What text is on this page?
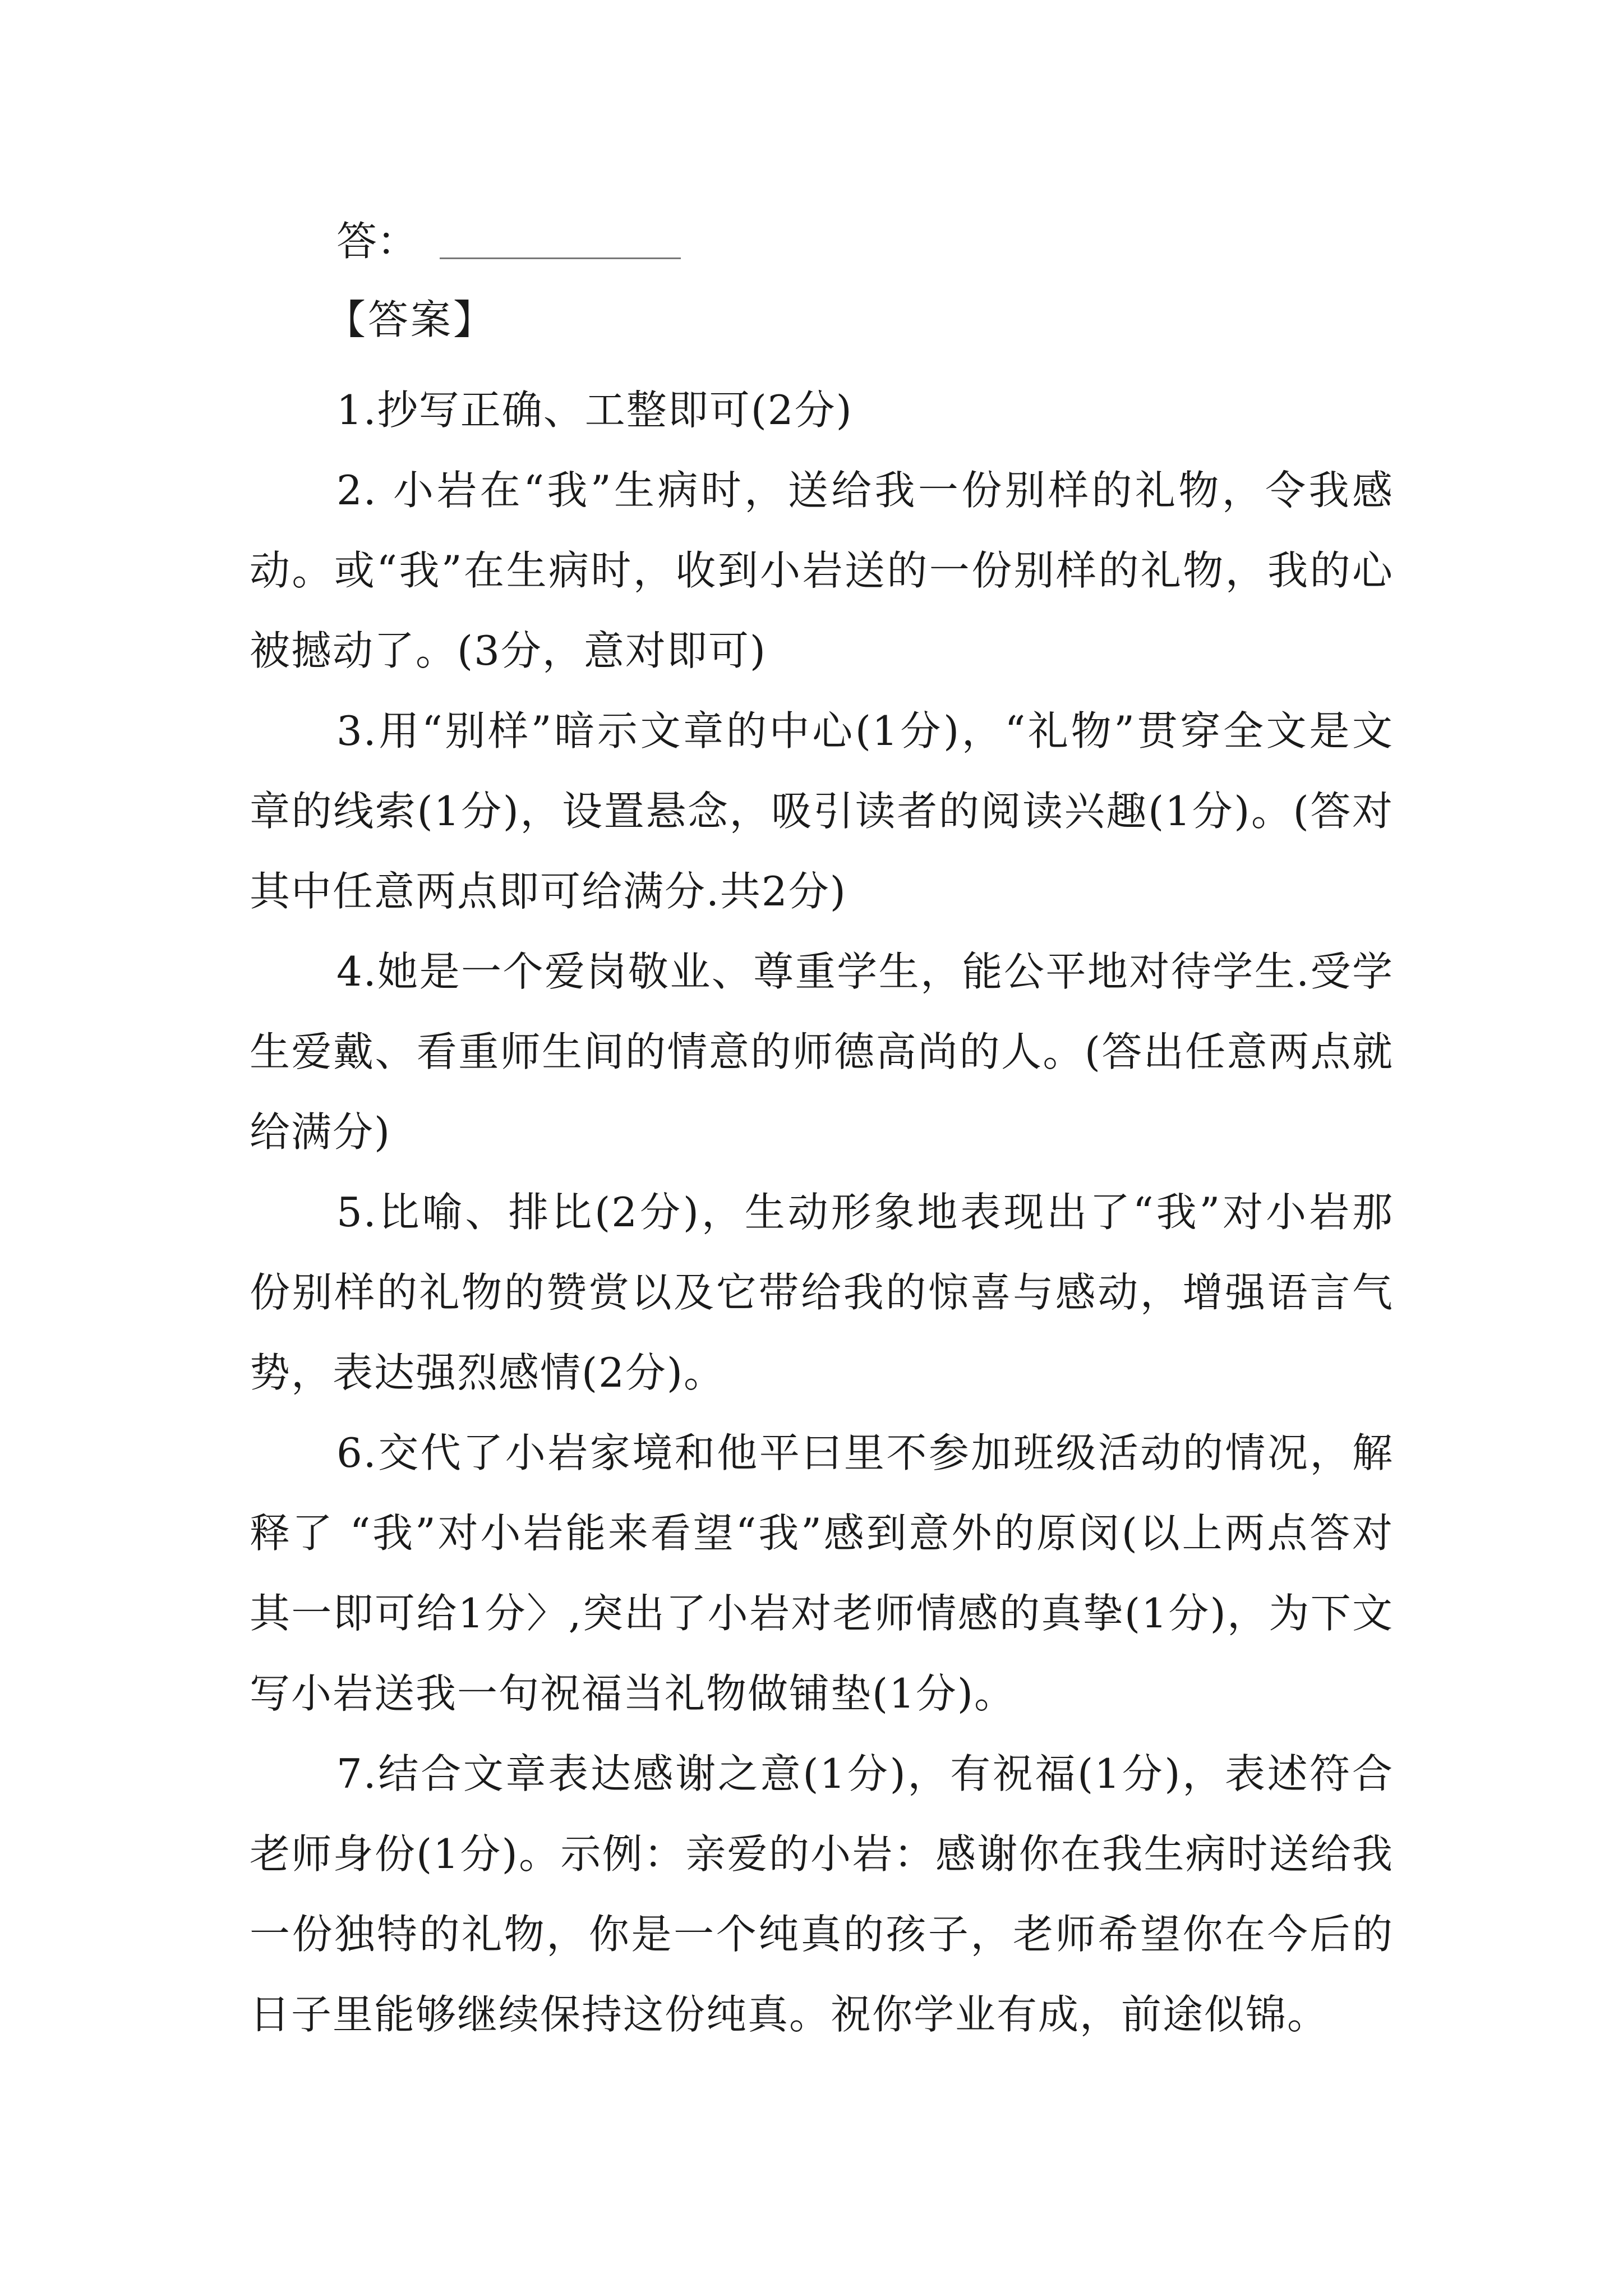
答：
【答案】

1.抄写正确、工整即可(2分)

2. 小岩在“我”生病时，送给我一份别样的礼物，令我感动。或“我”在生病时，收到小岩送的一份别样的礼物，我的心被撼动了。(3分，意对即可)

3.用“别样”暗示文章的中心(1分)，“礼物”贯穿全文是文章的线索(1分)，设置悬念，吸引读者的阅读兴趣(1分)。(答对其中任意两点即可给满分.共2分)

4.她是一个爱岗敬业、尊重学生，能公平地对待学生.受学生爱戴、看重师生间的情意的师德高尚的人。(答出任意两点就给满分)

5.比喻、排比(2分)，生动形象地表现出了“我”对小岩那份别样的礼物的赞赏以及它带给我的惊喜与感动，增强语言气势，表达强烈感情(2分)。

6.交代了小岩家境和他平曰里不参加班级活动的情况，解释了 “我”对小岩能来看望“我”感到意外的原闵(以上两点答对其一即可给1分〉,突出了小岩对老师情感的真挚(1分)，为下文写小岩送我一句祝福当礼物做铺垫(1分)。

7.结合文章表达感谢之意(1分)，有祝福(1分)，表述符合老师身份(1分)。示例：亲爱的小岩：感谢你在我生病时送给我一份独特的礼物，你是一个纯真的孩子，老师希望你在今后的日子里能够继续保持这份纯真。祝你学业有成，前途似锦。
